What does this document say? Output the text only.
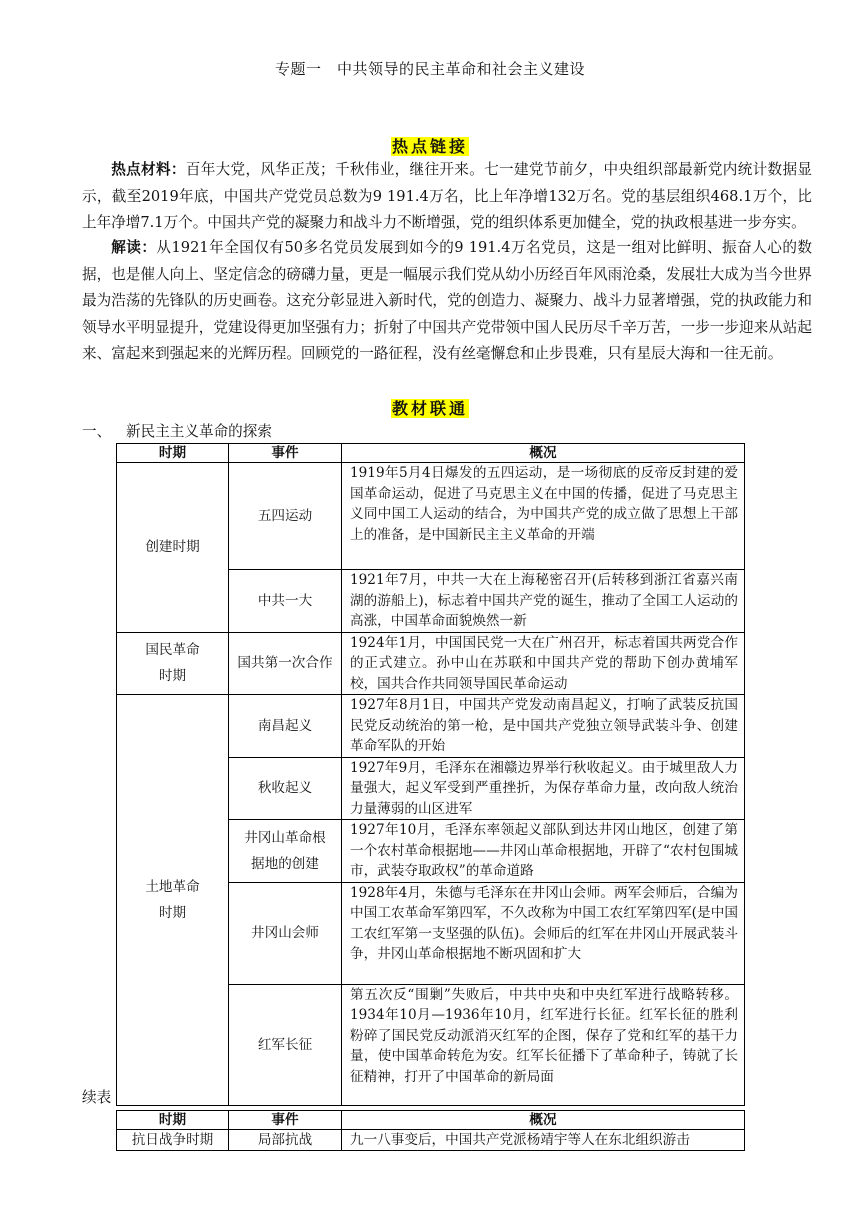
专题一　中共领导的民主革命和社会主义建设
热点链接
热点材料：百年大党，风华正茂；千秋伟业，继往开来。七一建党节前夕，中央组织部最新党内统计数据显示，截至2019年底，中国共产党党员总数为9 191.4万名，比上年净增132万名。党的基层组织468.1万个，比上年净增7.1万个。中国共产党的凝聚力和战斗力不断增强，党的组织体系更加健全，党的执政根基进一步夯实。
解读：从1921年全国仅有50多名党员发展到如今的9 191.4万名党员，这是一组对比鲜明、振奋人心的数据，也是催人向上、坚定信念的磅礴力量，更是一幅展示我们党从幼小历经百年风雨沧桑，发展壮大成为当今世界最为浩荡的先锋队的历史画卷。这充分彰显进入新时代，党的创造力、凝聚力、战斗力显著增强，党的执政能力和领导水平明显提升，党建设得更加坚强有力；折射了中国共产党带领中国人民历尽千辛万苦，一步一步迎来从站起来、富起来到强起来的光辉历程。回顾党的一路征程，没有丝毫懈怠和止步畏难，只有星辰大海和一往无前。
教材联通
一、 新民主主义革命的探索
时期	事件	概况
创建时期	五四运动	1919年5月4日爆发的五四运动，是一场彻底的反帝反封建的爱国革命运动，促进了马克思主义在中国的传播，促进了马克思主义同中国工人运动的结合，为中国共产党的成立做了思想上干部上的准备，是中国新民主主义革命的开端
	中共一大	1921年7月，中共一大在上海秘密召开(后转移到浙江省嘉兴南湖的游船上)，标志着中国共产党的诞生，推动了全国工人运动的高涨，中国革命面貌焕然一新
国民革命
时期	国共第一次合作	1924年1月，中国国民党一大在广州召开，标志着国共两党合作的正式建立。孙中山在苏联和中国共产党的帮助下创办黄埔军校，国共合作共同领导国民革命运动
土地革命
时期	南昌起义	1927年8月1日，中国共产党发动南昌起义，打响了武装反抗国民党反动统治的第一枪，是中国共产党独立领导武装斗争、创建革命军队的开始
	秋收起义	1927年9月，毛泽东在湘赣边界举行秋收起义。由于城里敌人力量强大，起义军受到严重挫折，为保存革命力量，改向敌人统治力量薄弱的山区进军
	井冈山革命根据地的创建	1927年10月，毛泽东率领起义部队到达井冈山地区，创建了第一个农村革命根据地——井冈山革命根据地，开辟了“农村包围城市，武装夺取政权”的革命道路
	井冈山会师	1928年4月，朱德与毛泽东在井冈山会师。两军会师后，合编为中国工农革命军第四军，不久改称为中国工农红军第四军(是中国工农红军第一支坚强的队伍)。会师后的红军在井冈山开展武装斗争，井冈山革命根据地不断巩固和扩大
	红军长征	第五次反“围剿”失败后，中共中央和中央红军进行战略转移。1934年10月—1936年10月，红军进行长征。红军长征的胜利粉碎了国民党反动派消灭红军的企图，保存了党和红军的基干力量，使中国革命转危为安。红军长征播下了革命种子，铸就了长征精神，打开了中国革命的新局面
续表
时期	事件	概况
抗日战争时期	局部抗战	九一八事变后，中国共产党派杨靖宇等人在东北组织游击
